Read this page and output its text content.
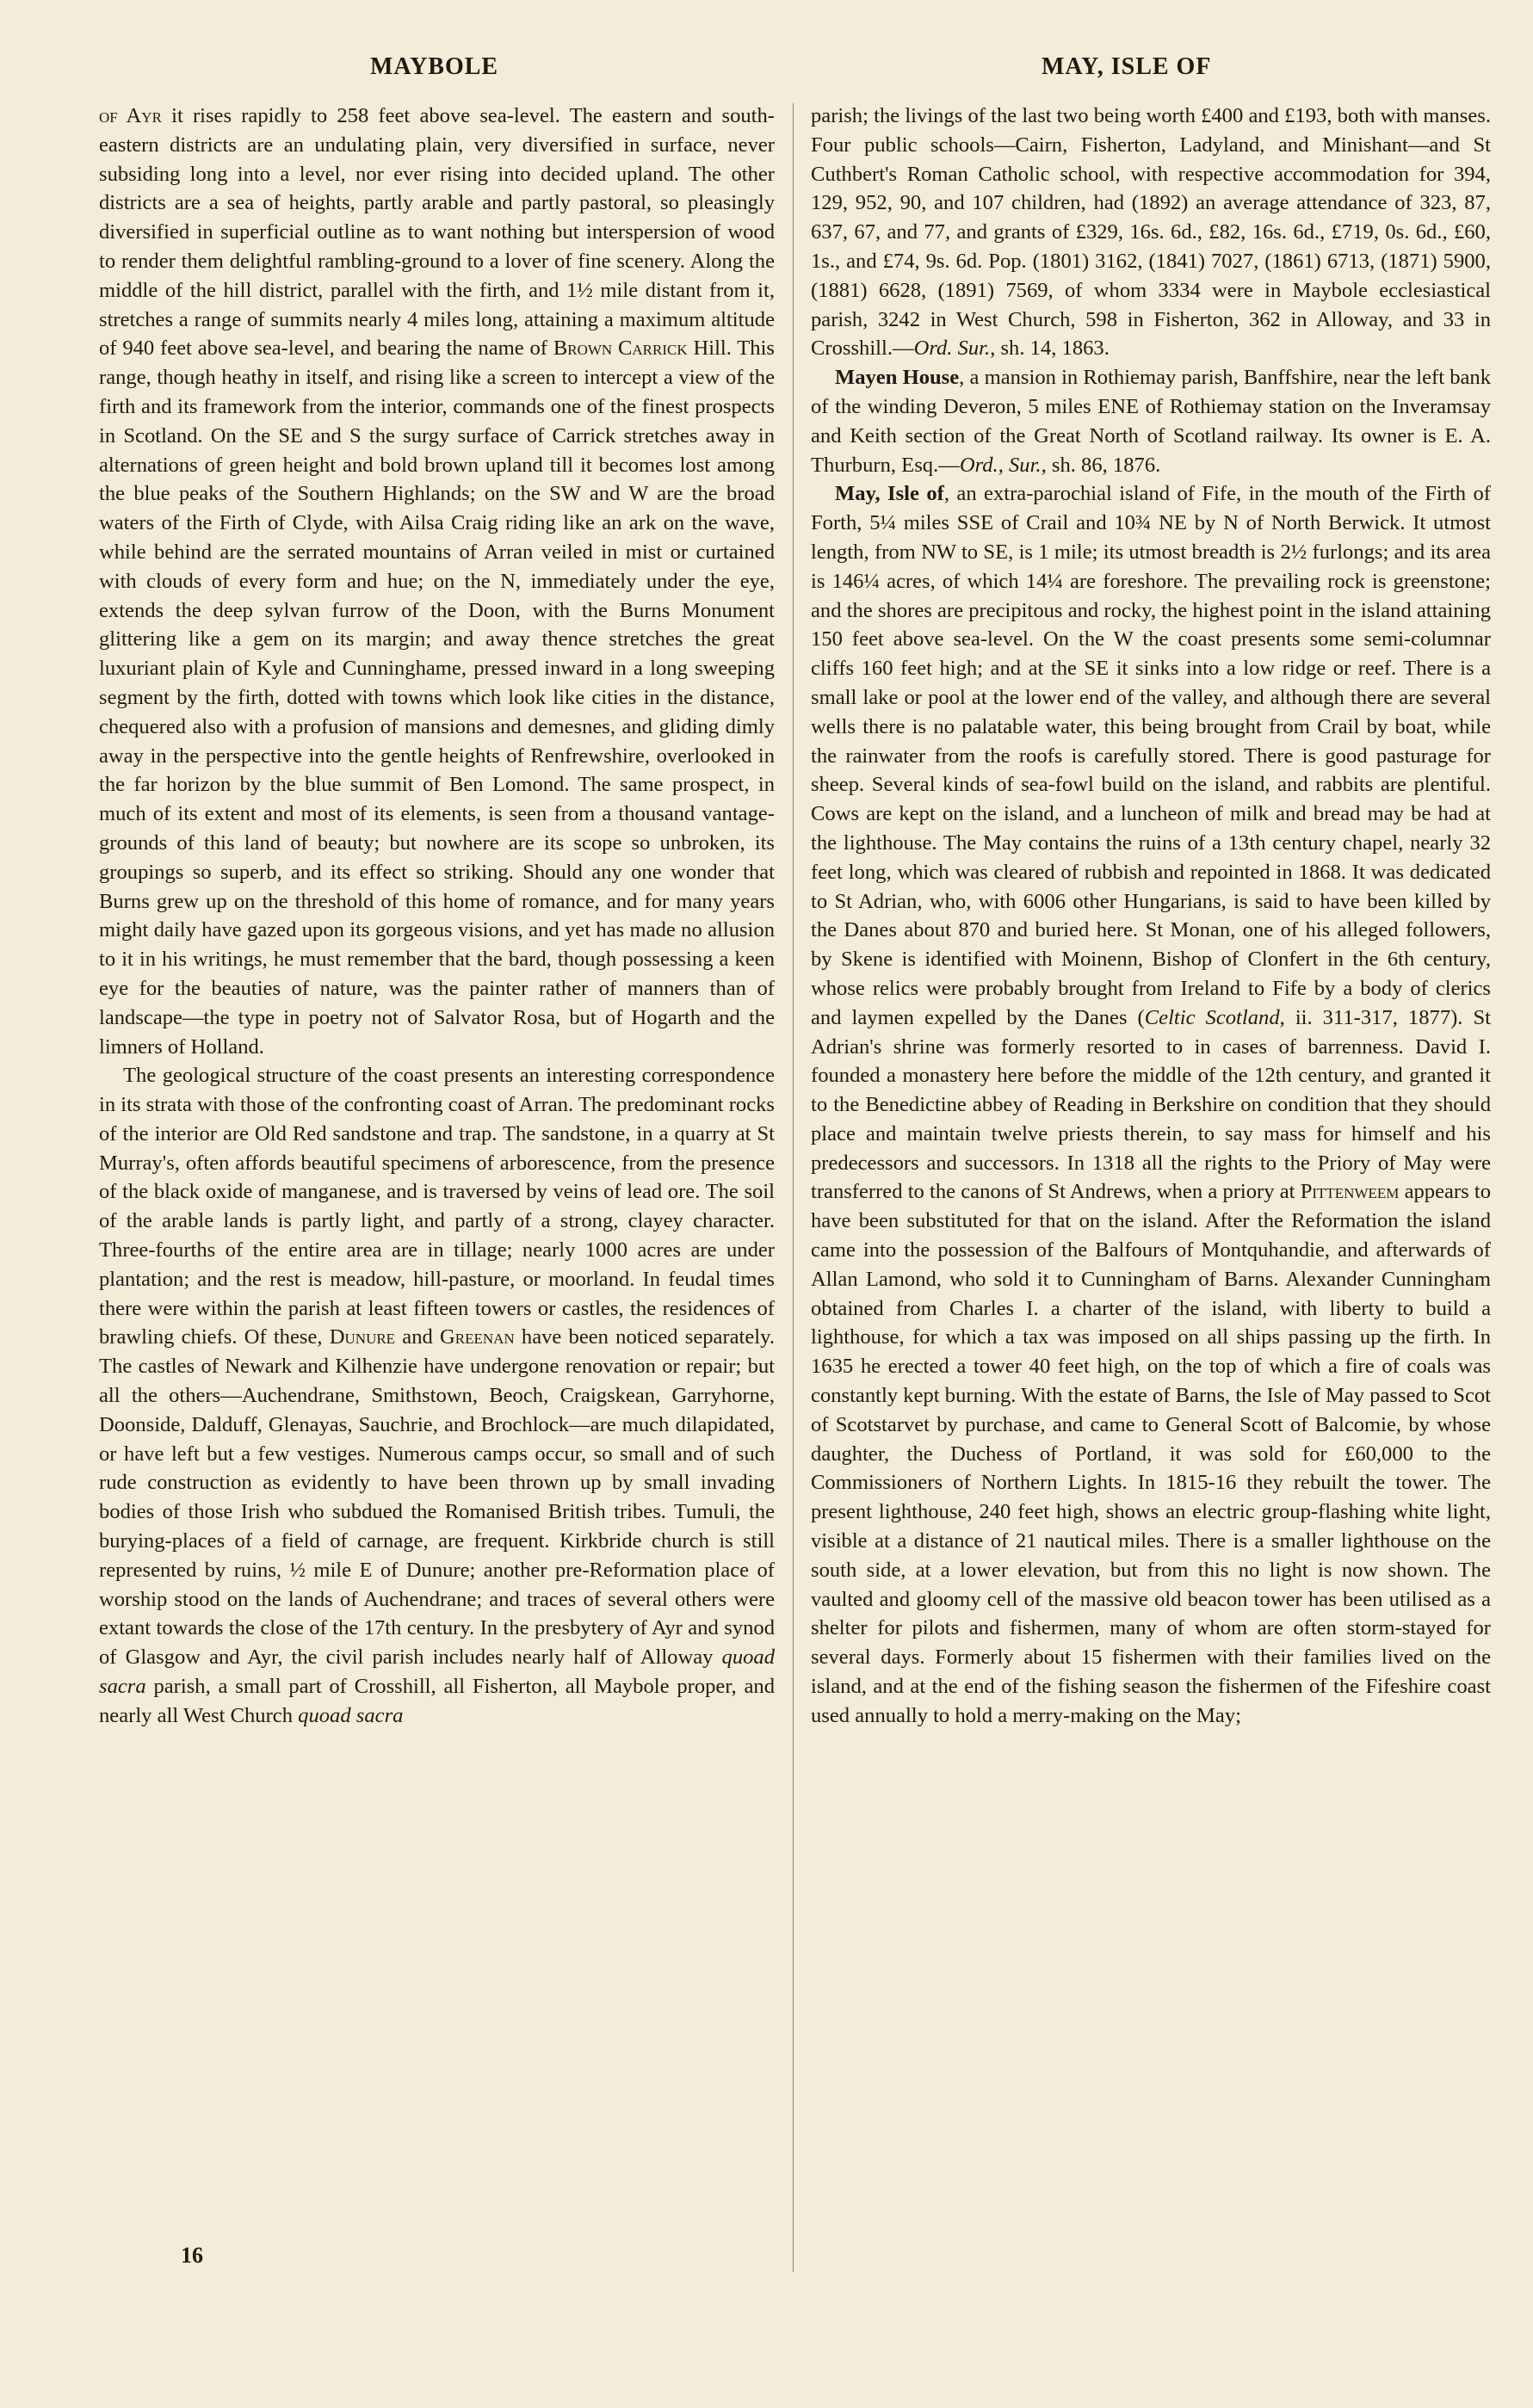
MAYBOLE	MAY, ISLE OF

of Ayr it rises rapidly to 258 feet above sea-level. The eastern and south-eastern districts are an undulating plain, very diversified in surface, never subsiding long into a level, nor ever rising into decided upland. The other districts are a sea of heights, partly arable and partly pastoral, so pleasingly diversified in superficial outline as to want nothing but interspersion of wood to render them delightful rambling-ground to a lover of fine scenery. Along the middle of the hill district, parallel with the firth, and 1½ mile distant from it, stretches a range of summits nearly 4 miles long, attaining a maximum altitude of 940 feet above sea-level, and bearing the name of Brown Carrick Hill. This range, though heathy in itself, and rising like a screen to intercept a view of the firth and its framework from the interior, commands one of the finest prospects in Scotland. On the SE and S the surgy surface of Carrick stretches away in alternations of green height and bold brown upland till it becomes lost among the blue peaks of the Southern Highlands; on the SW and W are the broad waters of the Firth of Clyde, with Ailsa Craig riding like an ark on the wave, while behind are the serrated mountains of Arran veiled in mist or curtained with clouds of every form and hue; on the N, immediately under the eye, extends the deep sylvan furrow of the Doon, with the Burns Monument glittering like a gem on its margin; and away thence stretches the great luxuriant plain of Kyle and Cunninghame, pressed inward in a long sweeping segment by the firth, dotted with towns which look like cities in the distance, chequered also with a profusion of mansions and demesnes, and gliding dimly away in the perspective into the gentle heights of Renfrewshire, overlooked in the far horizon by the blue summit of Ben Lomond. The same prospect, in much of its extent and most of its elements, is seen from a thousand vantage-grounds of this land of beauty; but nowhere are its scope so unbroken, its groupings so superb, and its effect so striking. Should any one wonder that Burns grew up on the threshold of this home of romance, and for many years might daily have gazed upon its gorgeous visions, and yet has made no allusion to it in his writings, he must remember that the bard, though possessing a keen eye for the beauties of nature, was the painter rather of manners than of landscape—the type in poetry not of Salvator Rosa, but of Hogarth and the limners of Holland.

The geological structure of the coast presents an interesting correspondence in its strata with those of the confronting coast of Arran. The predominant rocks of the interior are Old Red sandstone and trap. The sandstone, in a quarry at St Murray's, often affords beautiful specimens of arborescence, from the presence of the black oxide of manganese, and is traversed by veins of lead ore. The soil of the arable lands is partly light, and partly of a strong, clayey character. Three-fourths of the entire area are in tillage; nearly 1000 acres are under plantation; and the rest is meadow, hill-pasture, or moorland. In feudal times there were within the parish at least fifteen towers or castles, the residences of brawling chiefs. Of these, Dunure and Greenan have been noticed separately. The castles of Newark and Kilhenzie have undergone renovation or repair; but all the others—Auchendrane, Smithstown, Beoch, Craigskean, Garryhorne, Doonside, Dalduff, Glenayas, Sauchrie, and Brochlock—are much dilapidated, or have left but a few vestiges. Numerous camps occur, so small and of such rude construction as evidently to have been thrown up by small invading bodies of those Irish who subdued the Romanised British tribes. Tumuli, the burying-places of a field of carnage, are frequent. Kirkbride church is still represented by ruins, ½ mile E of Dunure; another pre-Reformation place of worship stood on the lands of Auchendrane; and traces of several others were extant towards the close of the 17th century. In the presbytery of Ayr and synod of Glasgow and Ayr, the civil parish includes nearly half of Alloway quoad sacra parish, a small part of Crosshill, all Fisherton, all Maybole proper, and nearly all West Church quoad sacra

parish; the livings of the last two being worth £400 and £193, both with manses. Four public schools—Cairn, Fisherton, Ladyland, and Minishant—and St Cuthbert's Roman Catholic school, with respective accommodation for 394, 129, 952, 90, and 107 children, had (1892) an average attendance of 323, 87, 637, 67, and 77, and grants of £329, 16s. 6d., £82, 16s. 6d., £719, 0s. 6d., £60, 1s., and £74, 9s. 6d. Pop. (1801) 3162, (1841) 7027, (1861) 6713, (1871) 5900, (1881) 6628, (1891) 7569, of whom 3334 were in Maybole ecclesiastical parish, 3242 in West Church, 598 in Fisherton, 362 in Alloway, and 33 in Crosshill.—Ord. Sur., sh. 14, 1863.

Mayen House, a mansion in Rothiemay parish, Banffshire, near the left bank of the winding Deveron, 5 miles ENE of Rothiemay station on the Inveramsay and Keith section of the Great North of Scotland railway. Its owner is E. A. Thurburn, Esq.—Ord., Sur., sh. 86, 1876.

May, Isle of, an extra-parochial island of Fife, in the mouth of the Firth of Forth, 5¼ miles SSE of Crail and 10¾ NE by N of North Berwick. It utmost length, from NW to SE, is 1 mile; its utmost breadth is 2½ furlongs; and its area is 146¼ acres, of which 14¼ are foreshore. The prevailing rock is greenstone; and the shores are precipitous and rocky, the highest point in the island attaining 150 feet above sea-level. On the W the coast presents some semi-columnar cliffs 160 feet high; and at the SE it sinks into a low ridge or reef. There is a small lake or pool at the lower end of the valley, and although there are several wells there is no palatable water, this being brought from Crail by boat, while the rainwater from the roofs is carefully stored. There is good pasturage for sheep. Several kinds of sea-fowl build on the island, and rabbits are plentiful. Cows are kept on the island, and a luncheon of milk and bread may be had at the lighthouse. The May contains the ruins of a 13th century chapel, nearly 32 feet long, which was cleared of rubbish and repointed in 1868. It was dedicated to St Adrian, who, with 6006 other Hungarians, is said to have been killed by the Danes about 870 and buried here. St Monan, one of his alleged followers, by Skene is identified with Moinenn, Bishop of Clonfert in the 6th century, whose relics were probably brought from Ireland to Fife by a body of clerics and laymen expelled by the Danes (Celtic Scotland, ii. 311-317, 1877). St Adrian's shrine was formerly resorted to in cases of barrenness. David I. founded a monastery here before the middle of the 12th century, and granted it to the Benedictine abbey of Reading in Berkshire on condition that they should place and maintain twelve priests therein, to say mass for himself and his predecessors and successors. In 1318 all the rights to the Priory of May were transferred to the canons of St Andrews, when a priory at Pittenweem appears to have been substituted for that on the island. After the Reformation the island came into the possession of the Balfours of Montquhandie, and afterwards of Allan Lamond, who sold it to Cunningham of Barns. Alexander Cunningham obtained from Charles I. a charter of the island, with liberty to build a lighthouse, for which a tax was imposed on all ships passing up the firth. In 1635 he erected a tower 40 feet high, on the top of which a fire of coals was constantly kept burning. With the estate of Barns, the Isle of May passed to Scot of Scotstarvet by purchase, and came to General Scott of Balcomie, by whose daughter, the Duchess of Portland, it was sold for £60,000 to the Commissioners of Northern Lights. In 1815-16 they rebuilt the tower. The present lighthouse, 240 feet high, shows an electric group-flashing white light, visible at a distance of 21 nautical miles. There is a smaller lighthouse on the south side, at a lower elevation, but from this no light is now shown. The vaulted and gloomy cell of the massive old beacon tower has been utilised as a shelter for pilots and fishermen, many of whom are often storm-stayed for several days. Formerly about 15 fishermen with their families lived on the island, and at the end of the fishing season the fishermen of the Fifeshire coast used annually to hold a merry-making on the May;

16
